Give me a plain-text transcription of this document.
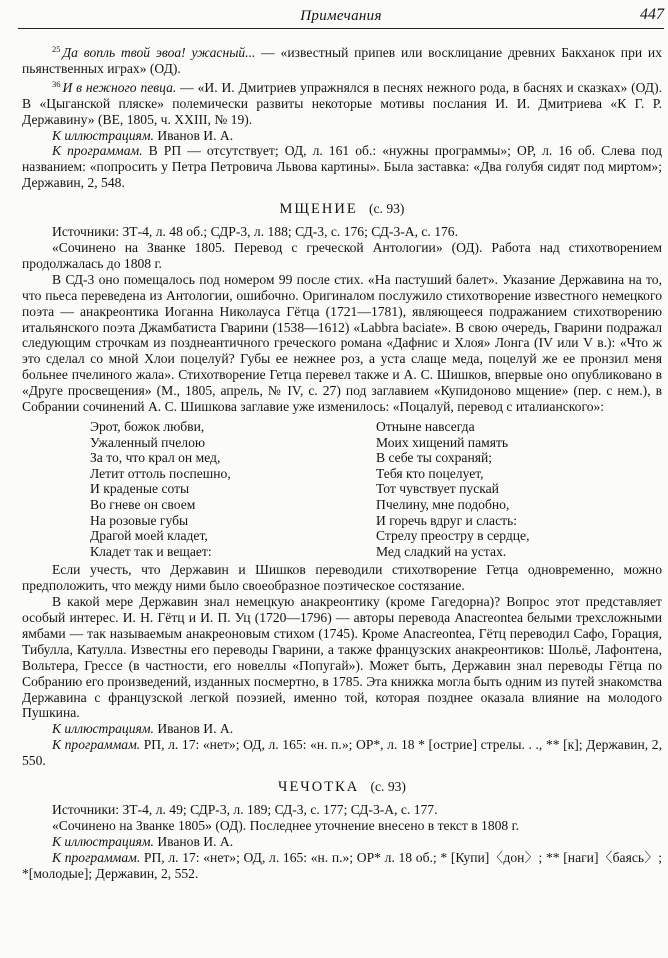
Примечания	447

$^{25}$ Да вопль твой эвоа! ужасный... — «известный припев или восклицание древних Бакханок при их пьянственных играх» (ОД).

$^{36}$ И в нежного певца. — «И. И. Дмитриев упражнялся в песнях нежного рода, в баснях и сказках» (ОД). В «Цыганской пляске» полемически развиты некоторые мотивы послания И. И. Дмитриева «К Г. Р. Державину» (ВЕ, 1805, ч. XXIII, № 19).

К иллюстрациям. Иванов И. А.

К программам. В РП — отсутствует; ОД, л. 161 об.: «нужны программы»; ОР, л. 16 об. Слева под названием: «попросить у Петра Петровича Львова картины». Была заставка: «Два голубя сидят под миртом»; Державин, 2, 548.

МЩЕНИЕ (с. 93)

Источники: ЗТ-4, л. 48 об.; СДР-3, л. 188; СД-3, с. 176; СД-3-А, с. 176.

«Сочинено на Званке 1805. Перевод с греческой Антологии» (ОД). Работа над стихотворением продолжалась до 1808 г.

В СД-3 оно помещалось под номером 99 после стих. «На пастуший балет». Указание Державина на то, что пьеса переведена из Антологии, ошибочно. Оригиналом послужило стихотворение известного немецкого поэта — анакреонтика Иоганна Николауса Гётца (1721—1781), являющееся подражанием стихотворению итальянского поэта Джамбатиста Гварини (1538—1612) «Labbra baciate». В свою очередь, Гварини подражал следующим строчкам из позднеантичного греческого романа «Дафнис и Хлоя» Лонга (IV или V в.): «Что ж это сделал со мной Хлои поцелуй? Губы ее нежнее роз, а уста слаще меда, поцелуй же ее пронзил меня больнее пчелиного жала». Стихотворение Гетца перевел также и А. С. Шишков, впервые оно опубликовано в «Друге просвещения» (М., 1805, апрель, № IV, с. 27) под заглавием «Купидоново мщение» (пер. с нем.), в Собрании сочинений А. С. Шишкова заглавие уже изменилось: «Поцалуй, перевод с италианского»:

Эрот, божок любви,
Ужаленный пчелою
За то, что крал он мед,
Летит оттоль поспешно,
И краденые соты
Во гневе он своем
На розовые губы
Драгой моей кладет,
Кладет так и вещает:
Отныне навсегда
Моих хищений память
В себе ты сохраняй;
Тебя кто поцелует,
Тот чувствует пускай
Пчелину, мне подобно,
И горечь вдруг и сласть:
Стрелу преострy в сердце,
Мед сладкий на устах.

Если учесть, что Державин и Шишков переводили стихотворение Гетца одновременно, можно предположить, что между ними было своеобразное поэтическое состязание.

В какой мере Державин знал немецкую анакреонтику (кроме Гагедорна)? Вопрос этот представляет особый интерес. И. Н. Гётц и И. П. Уц (1720—1796) — авторы перевода Anacreontea белыми трехсложными ямбами — так называемым анакреоновым стихом (1745). Кроме Anacreontea, Гётц переводил Сафо, Горация, Тибулла, Катулла. Известны его переводы Гварини, а также французских анакреонтиков: Шольё, Лафонтена, Вольтера, Грессе (в частности, его новеллы «Попугай»). Может быть, Державин знал переводы Гётца по Собранию его произведений, изданных посмертно, в 1785. Эта книжка могла быть одним из путей знакомства Державина с французской легкой поэзией, именно той, которая позднее оказала влияние на молодого Пушкина.

К иллюстрациям. Иванов И. А.

К программам. РП, л. 17: «нет»; ОД, л. 165: «н. п.»; ОР*, л. 18 * [острие] стрелы. . ., ** [к]; Державин, 2, 550.

ЧЕЧОТКА (с. 93)

Источники: ЗТ-4, л. 49; СДР-3, л. 189; СД-3, с. 177; СД-3-А, с. 177.

«Сочинено на Званке 1805» (ОД). Последнее уточнение внесено в текст в 1808 г.

К иллюстрациям. Иванов И. А.

К программам. РП, л. 17: «нет»; ОД, л. 165: «н. п.»; ОР* л. 18 об.; * [Купи]〈дон〉; ** [наги]〈баясь〉; *[молодые]; Державин, 2, 552.
